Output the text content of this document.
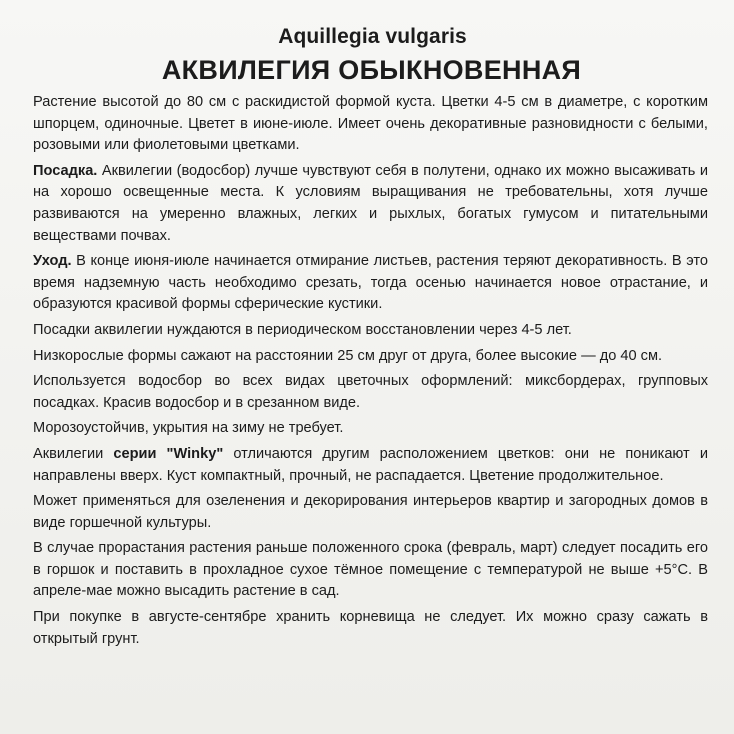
Aquillegia vulgaris
АКВИЛЕГИЯ ОБЫКНОВЕННАЯ

Растение высотой до 80 см с раскидистой формой куста. Цветки 4-5 см в диаметре, с коротким шпорцем, одиночные. Цветет в июне-июле. Имеет очень декоративные разновидности с белыми, розовыми или фиолетовыми цветками.

Посадка. Аквилегии (водосбор) лучше чувствуют себя в полутени, однако их можно высаживать и на хорошо освещенные места. К условиям выращивания не требовательны, хотя лучше развиваются на умеренно влажных, легких и рыхлых, богатых гумусом и питательными веществами почвах.

Уход. В конце июня-июле начинается отмирание листьев, растения теряют декоративность. В это время надземную часть необходимо срезать, тогда осенью начинается новое отрастание, и образуются красивой формы сферические кустики.

Посадки аквилегии нуждаются в периодическом восстановлении через 4-5 лет.

Низкорослые формы сажают на расстоянии 25 см друг от друга, более высокие — до 40 см.

Используется водосбор во всех видах цветочных оформлений: миксбордерах, групповых посадках. Красив водосбор и в срезанном виде.

Морозоустойчив, укрытия на зиму не требует.

Аквилегии серии "Winky" отличаются другим расположением цветков: они не поникают и направлены вверх. Куст компактный, прочный, не распадается. Цветение продолжительное.

Может применяться для озеленения и декорирования интерьеров квартир и загородных домов в виде горшечной культуры.

В случае прорастания растения раньше положенного срока (февраль, март) следует посадить его в горшок и поставить в прохладное сухое тёмное помещение с температурой не выше +5°С. В апреле-мае можно высадить растение в сад.

При покупке в августе-сентябре хранить корневища не следует. Их можно сразу сажать в открытый грунт.
